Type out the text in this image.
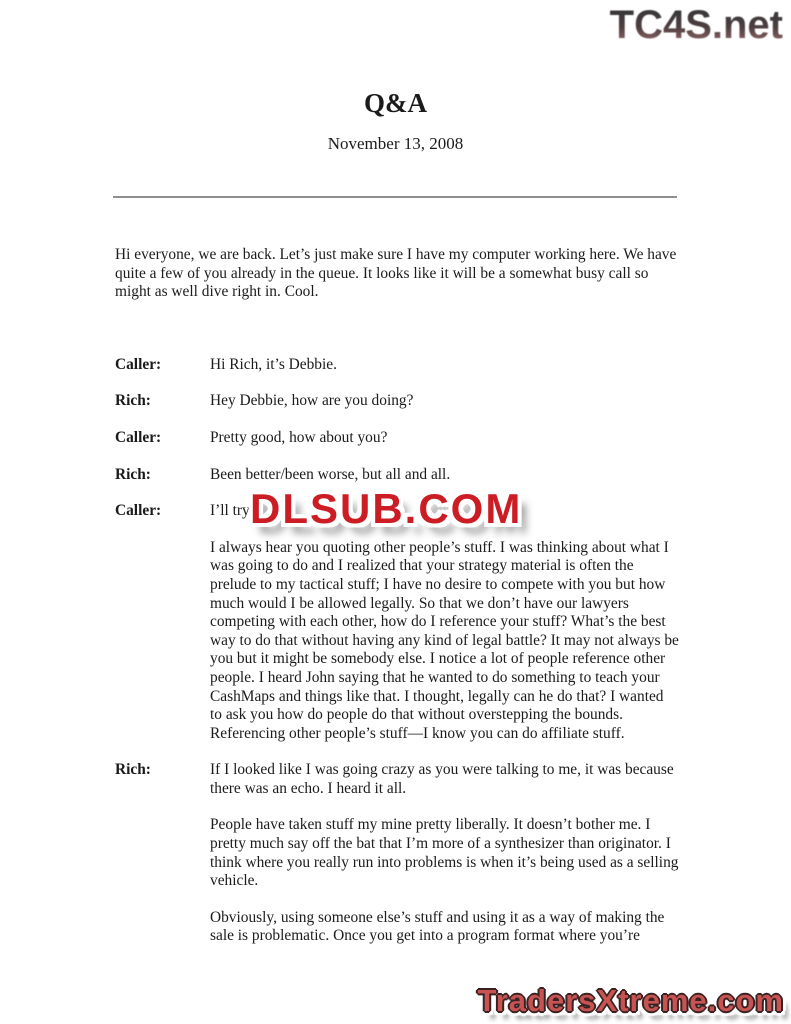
TC4S.net
Q&A
November 13, 2008

Hi everyone, we are back. Let’s just make sure I have my computer working here. We have quite a few of you already in the queue. It looks like it will be a somewhat busy call so might as well dive right in. Cool.

Caller:	Hi Rich, it’s Debbie.

Rich:	Hey Debbie, how are you doing?

Caller:	Pretty good, how about you?

Rich:	Been better/been worse, but all and all.

Caller:	I’ll try a
DLSUB.COM

I always hear you quoting other people’s stuff. I was thinking about what I was going to do and I realized that your strategy material is often the prelude to my tactical stuff; I have no desire to compete with you but how much would I be allowed legally. So that we don’t have our lawyers competing with each other, how do I reference your stuff? What’s the best way to do that without having any kind of legal battle? It may not always be you but it might be somebody else. I notice a lot of people reference other people. I heard John saying that he wanted to do something to teach your CashMaps and things like that. I thought, legally can he do that? I wanted to ask you how do people do that without overstepping the bounds. Referencing other people’s stuff—I know you can do affiliate stuff.

Rich:	If I looked like I was going crazy as you were talking to me, it was because there was an echo. I heard it all.

People have taken stuff my mine pretty liberally. It doesn’t bother me. I pretty much say off the bat that I’m more of a synthesizer than originator. I think where you really run into problems is when it’s being used as a selling vehicle.

Obviously, using someone else’s stuff and using it as a way of making the sale is problematic. Once you get into a program format where you’re

TradersXtreme.com
